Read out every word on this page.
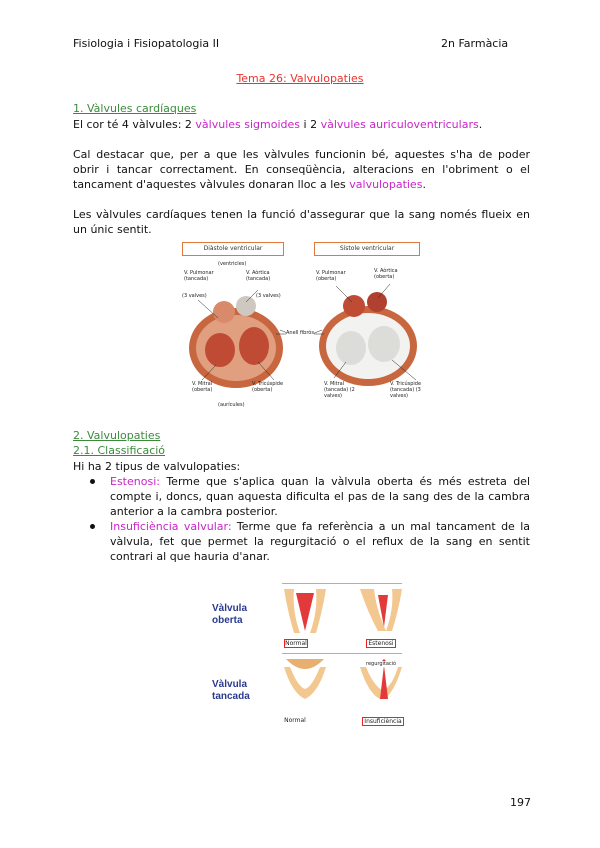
Fisiologia i Fisiopatologia II	2n Farmàcia
Tema 26: Valvulopaties
1. Vàlvules cardíaques
El cor té 4 vàlvules: 2 vàlvules sigmoides i 2 vàlvules auriculoventriculars.
Cal destacar que, per a que les vàlvules funcionin bé, aquestes s'ha de poder obrir i tancar correctament. En conseqüència, alteracions en l'obriment o el tancament d'aquestes vàlvules donaran lloc a les valvulopaties.
Les vàlvules cardíaques tenen la funció d'assegurar que la sang només flueix en un únic sentit.
Diàstole ventricular	Sístole ventricular
(ventricles)
V. Pulmonar (tancada)
V. Aòrtica (tancada)
(3 valves)	(3 valves)
V. Pulmonar (oberta)
V. Aòrtica (oberta)
Anell fibrós
V. Mitral (oberta)
V. Tricúspide (oberta)
(aurícules)
V. Mitral (tancada) (2 valves)
V. Tricúspide (tancada) (3 valves)
2. Valvulopaties
2.1. Classificació
Hi ha 2 tipus de valvulopaties:
Estenosi: Terme que s'aplica quan la vàlvula oberta és més estreta del compte i, doncs, quan aquesta dificulta el pas de la sang des de la cambra anterior a la cambra posterior.
Insuficiència valvular: Terme que fa referència a un mal tancament de la vàlvula, fet que permet la regurgitació o el reflux de la sang en sentit contrari al que hauria d'anar.
Vàlvula oberta
Vàlvula tancada
Normal	Estenosi
Normal	Insuficiència
regurgitació
197
